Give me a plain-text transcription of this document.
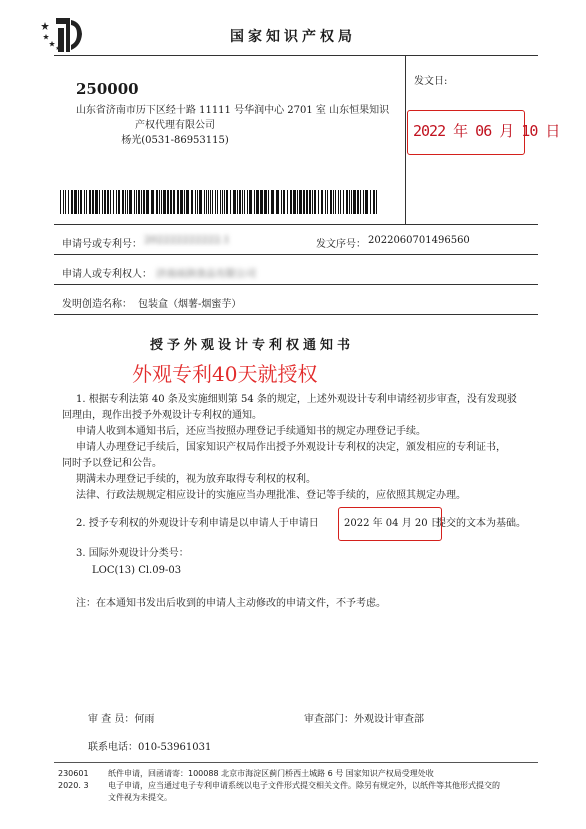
国家知识产权局
250000
山东省济南市历下区经十路 11111 号华润中心 2701 室 山东恒果知识
产权代理有限公司
杨光(0531-86953115)
发文日:
2022 年 06 月 10 日
申请号或专利号： 202222222222.1	发文序号： 2022060701496560
申请人或专利权人： 济南雨润食品有限公司
发明创造名称： 包装盒（烟薯-烟蜜芋）
授予外观设计专利权通知书
外观专利40天就授权
1. 根据专利法第 40 条及实施细则第 54 条的规定，上述外观设计专利申请经初步审查，没有发现驳
回理由，现作出授予外观设计专利权的通知。
申请人收到本通知书后，还应当按照办理登记手续通知书的规定办理登记手续。
申请人办理登记手续后，国家知识产权局作出授予外观设计专利权的决定，颁发相应的专利证书，
同时予以登记和公告。
期满未办理登记手续的，视为放弃取得专利权的权利。
法律、行政法规规定相应设计的实施应当办理批准、登记等手续的，应依照其规定办理。
2. 授予专利权的外观设计专利申请是以申请人于申请日	2022 年 04 月 20 日
提交的文本为基础。
3. 国际外观设计分类号：
LOC(13) Cl.09-03
注：在本通知书发出后收到的申请人主动修改的申请文件，不予考虑。
审 查 员：何雨	审查部门：外观设计审查部
联系电话：010-53961031
230601
2020. 3
纸件申请，回函请寄：100088 北京市海淀区蓟门桥西土城路 6 号 国家知识产权局受理处收
电子申请，应当通过电子专利申请系统以电子文件形式提交相关文件。除另有规定外，以纸件等其他形式提交的
文件视为未提交。
